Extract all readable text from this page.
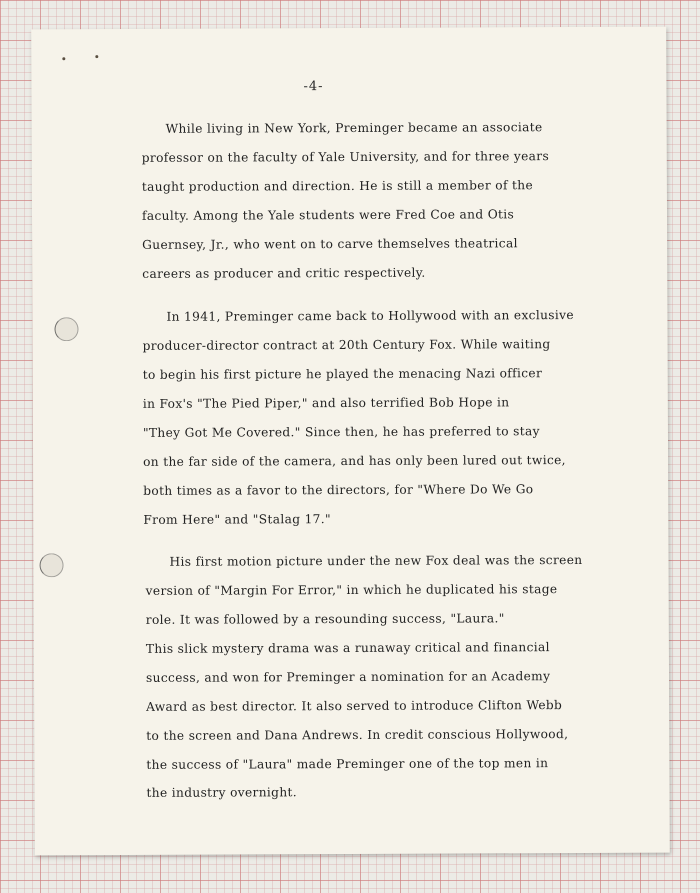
-4-
While living in New York, Preminger became an associate
professor on the faculty of Yale University, and for three years
taught production and direction. He is still a member of the
faculty. Among the Yale students were Fred Coe and Otis
Guernsey, Jr., who went on to carve themselves theatrical
careers as producer and critic respectively.
In 1941, Preminger came back to Hollywood with an exclusive
producer-director contract at 20th Century Fox. While waiting
to begin his first picture he played the menacing Nazi officer
in Fox's "The Pied Piper," and also terrified Bob Hope in
"They Got Me Covered." Since then, he has preferred to stay
on the far side of the camera, and has only been lured out twice,
both times as a favor to the directors, for "Where Do We Go
From Here" and "Stalag 17."
His first motion picture under the new Fox deal was the screen
version of "Margin For Error," in which he duplicated his stage
role. It was followed by a resounding success, "Laura."
This slick mystery drama was a runaway critical and financial
success, and won for Preminger a nomination for an Academy
Award as best director. It also served to introduce Clifton Webb
to the screen and Dana Andrews. In credit conscious Hollywood,
the success of "Laura" made Preminger one of the top men in
the industry overnight.
